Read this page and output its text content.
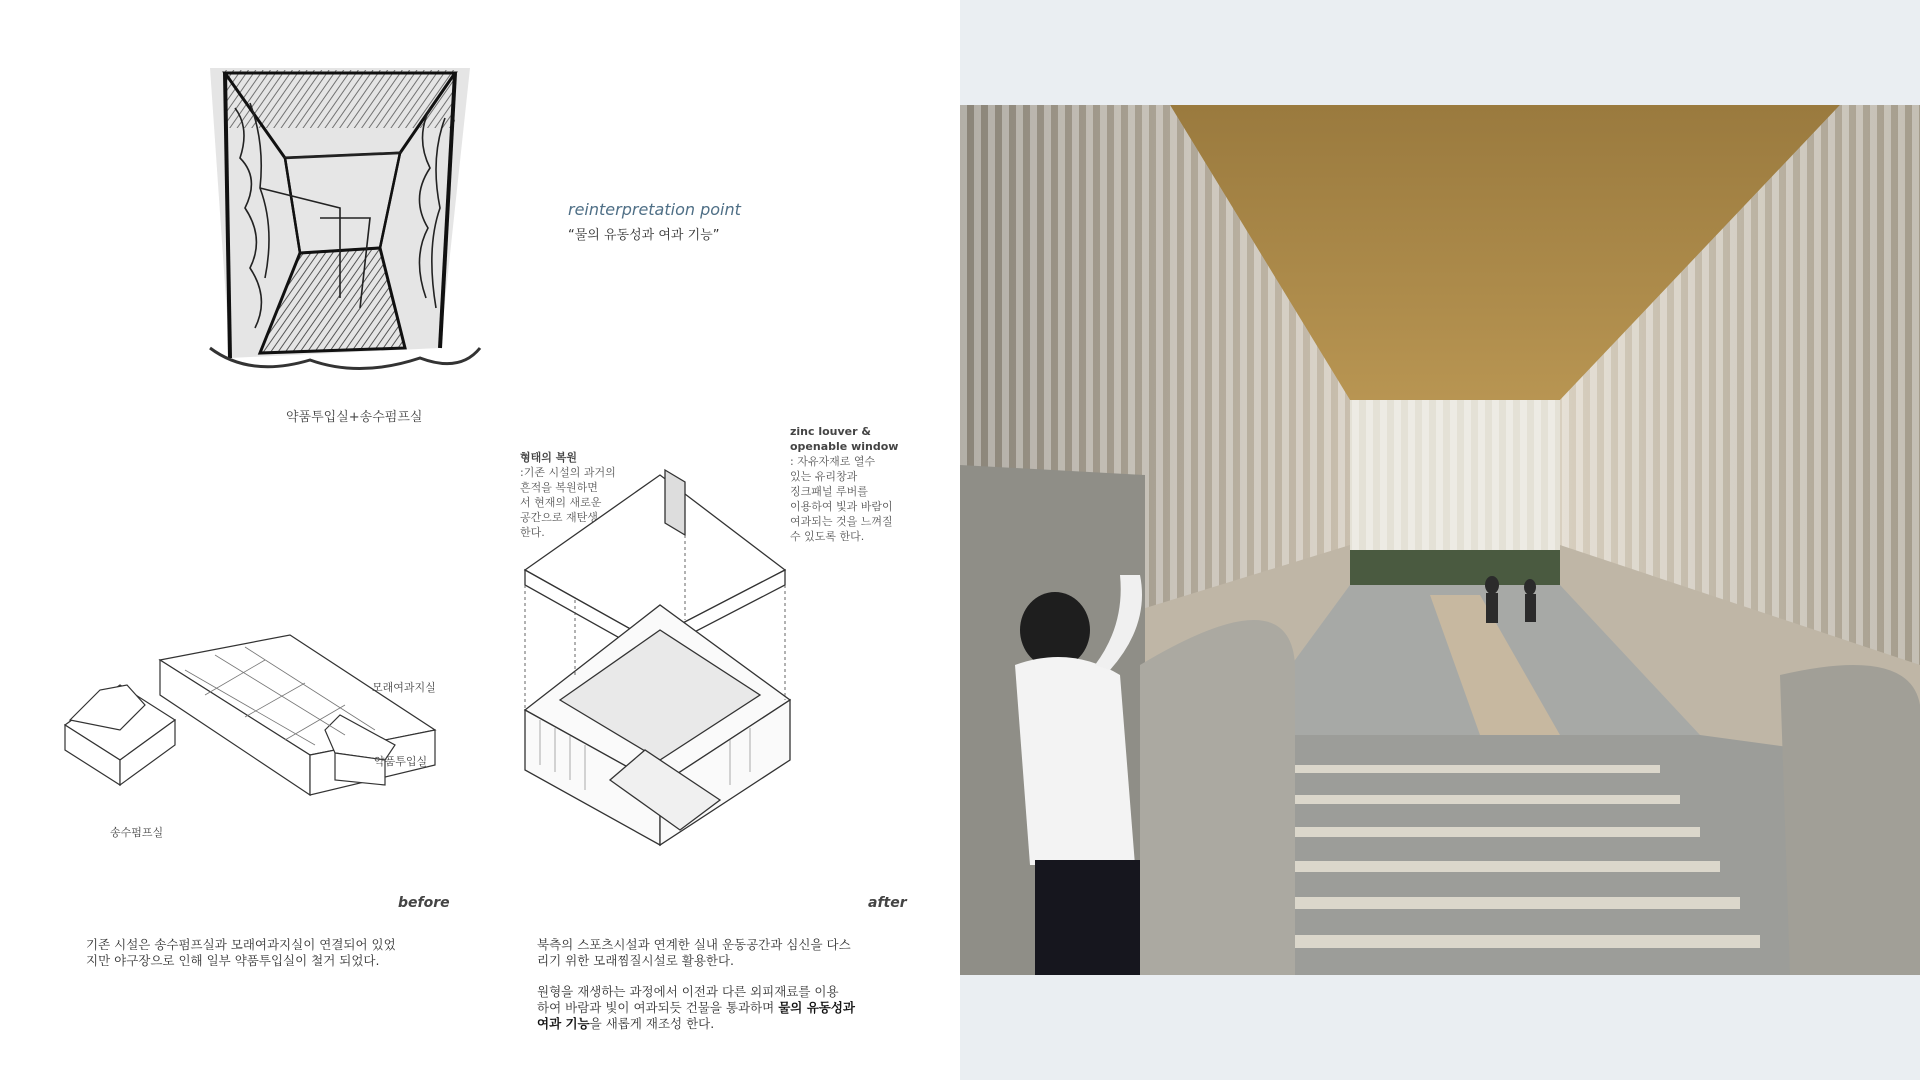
약품투입실+송수펌프실
reinterpretation point
“물의 유동성과 여과 기능”
형태의 복원
:기존 시설의 과거의
흔적을 복원하면
서 현재의 새로운
공간으로 재탄생
한다.
zinc louver &
openable window
: 자유자재로 열수
있는 유리창과
징크패널 루버를
이용하여 빛과 바람이
여과되는 것을 느껴질
수 있도록 한다.
모래여과지실
약품투입실
송수펌프실
before	after
기존 시설은 송수펌프실과 모래여과지실이 연결되어 있었
지만 야구장으로 인해 일부 약품투입실이 철거 되었다.
북측의 스포츠시설과 연계한 실내 운동공간과 심신을 다스
리기 위한 모래찜질시설로 활용한다.
원형을 재생하는 과정에서 이전과 다른 외피재료를 이용
하여 바람과 빛이 여과되듯 건물을 통과하며 물의 유동성과
여과 기능을 새롭게 재조성 한다.
